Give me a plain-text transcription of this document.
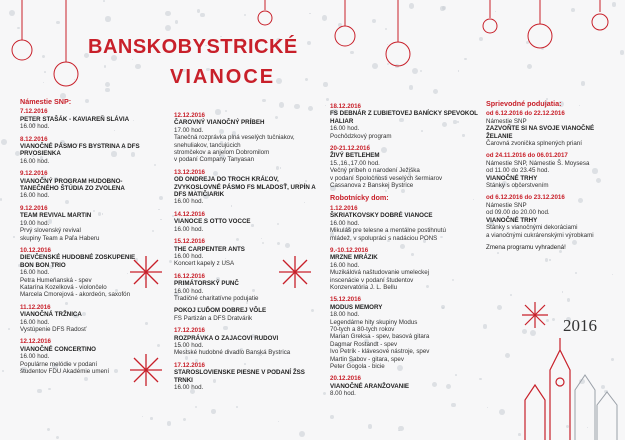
BANSKOBYSTRICKÉ
VIANOCE
2016
Námestie SNP:
7.12.2016
PETER STAŠÁK - KAVIAREŇ SLÁVIA
16.00 hod.
8.12.2016
VIANOČNÉ PÁSMO FS BYSTRINA A DFS PRVOSIENKA
16.00 hod.
9.12.2016
VIANOČNÝ PROGRAM HUDOBNO-TANEČNÉHO ŠTÚDIA ZO ZVOLENA
16.00 hod.
9.12.2016
TEAM REVIVAL MARTIN
19.00 hod.
Prvý slovenský revival
skupiny Team a Paľa Haberu
10.12.2016
DIEVČENSKÉ HUDOBNÉ ZOSKUPENIE BON BON TRIO
16.00 hod.
Petra Humeňanská - spev
Katarína Kozelková - violončelo
Marcela Cmorejová - akordeón, saxofón
11.12.2016
VIANOČNÁ TRŽNICA
16.00 hod.
Vystúpenie DFS Radosť
12.12.2016
VIANOČNÉ CONCERTINO
16.00 hod.
Populárne melódie v podaní
študentov FDU Akadémie umení
12.12.2016
ČAROVNÝ VIANOČNÝ PRÍBEH
17.00 hod.
Tanečná rozprávka plná veselých tučniakov,
snehuliakov, tancujúcich
stromčekov a anjelom Dobromilom
v podaní Company Tanyasan
13.12.2016
OD ONDREJA DO TROCH KRÁĽOV, ZVYKOSLOVNÉ PÁSMO FS MLADOSŤ, URPÍN A DFS MATIČIARIK
16.00 hod.
14.12.2016
VIANOCE S OTTO VOCCE
16.00 hod.
15.12.2016
THE CARPENTER ANTS
16.00 hod.
Koncert kapely z USA
16.12.2016
PRIMÁTORSKÝ PUNČ
16.00 hod.
Tradičné charitatívne podujatie
POKOJ ĽUĎOM DOBREJ VÔLE
FS Partizán a DFS Dratvárik
17.12.2016
ROZPRÁVKA O ZAJACOVI RUDOVI
15.00 hod.
Mestské hudobné divadlo Banská Bystrica
17.12.2016
STAROSLOVIENSKE PIESNE V PODANÍ ŽSS TRNKI
16.00 hod.
18.12.2016
FS DEBNÁR Z ĽUBIETOVEJ BANÍCKY SPEVOKOL HALIAR
16.00 hod.
Pochôdzkový program
20-21.12.2016
ŽIVÝ BETLEHEM
15.,16.,17.00 hod.
Večný príbeh o narodení Ježiška
v podaní Spoločnosti veselých šermiarov
Cassanova z Banskej Bystrice
Robotnícky dom:
1.12.2016
ŠKRIATKOVSKY DOBRÉ VIANOCE
16.00 hod.
Mikuláš pre telesne a mentálne postihnutú
mládež, v spolupráci s nadáciou PONS
9.-10.12.2016
MRZNE MRÁZIK
16.00 hod.
Muzikálová naštudovanie umeleckej
inscenácie v podaní študentov
Konzervatória J. L. Bellu
15.12.2016
MODUS MEMORY
18.00 hod.
Legendárne hity skupiny Modus
70-tych a 80-tych rokov
Marian Greksa - spev, basová gitara
Dagmar Rostandt - spev
Ivo Petrík - klávesové nástroje, spev
Martin Sabov - gitara, spev
Peter Gogola - bicie
20.12.2016
VIANOČNÉ ARANŽOVANIE
8.00 hod.
Sprievodné podujatia:
od 6.12.2016 do 22.12.2016
Námestie SNP
ZAZVOŇTE SI NA SVOJE VIANOČNÉ ŽELANIE
Čarovná zvonička splnených prianí
od 24.11.2016 do 06.01.2017
Námestie SNP, Námestie Š. Moysesa
od 11.00 do 23.45 hod.
VIANOČNÉ TRHY
Stánky s občerstvením
od 6.12.2016 do 23.12.2016
Námestie SNP
od 09.00 do 20.00 hod.
VIANOČNÉ TRHY
Stánky s vianočnými dekoráciami
a vianočnými cukrárenskými výrobkami
Zmena programu vyhradená!
